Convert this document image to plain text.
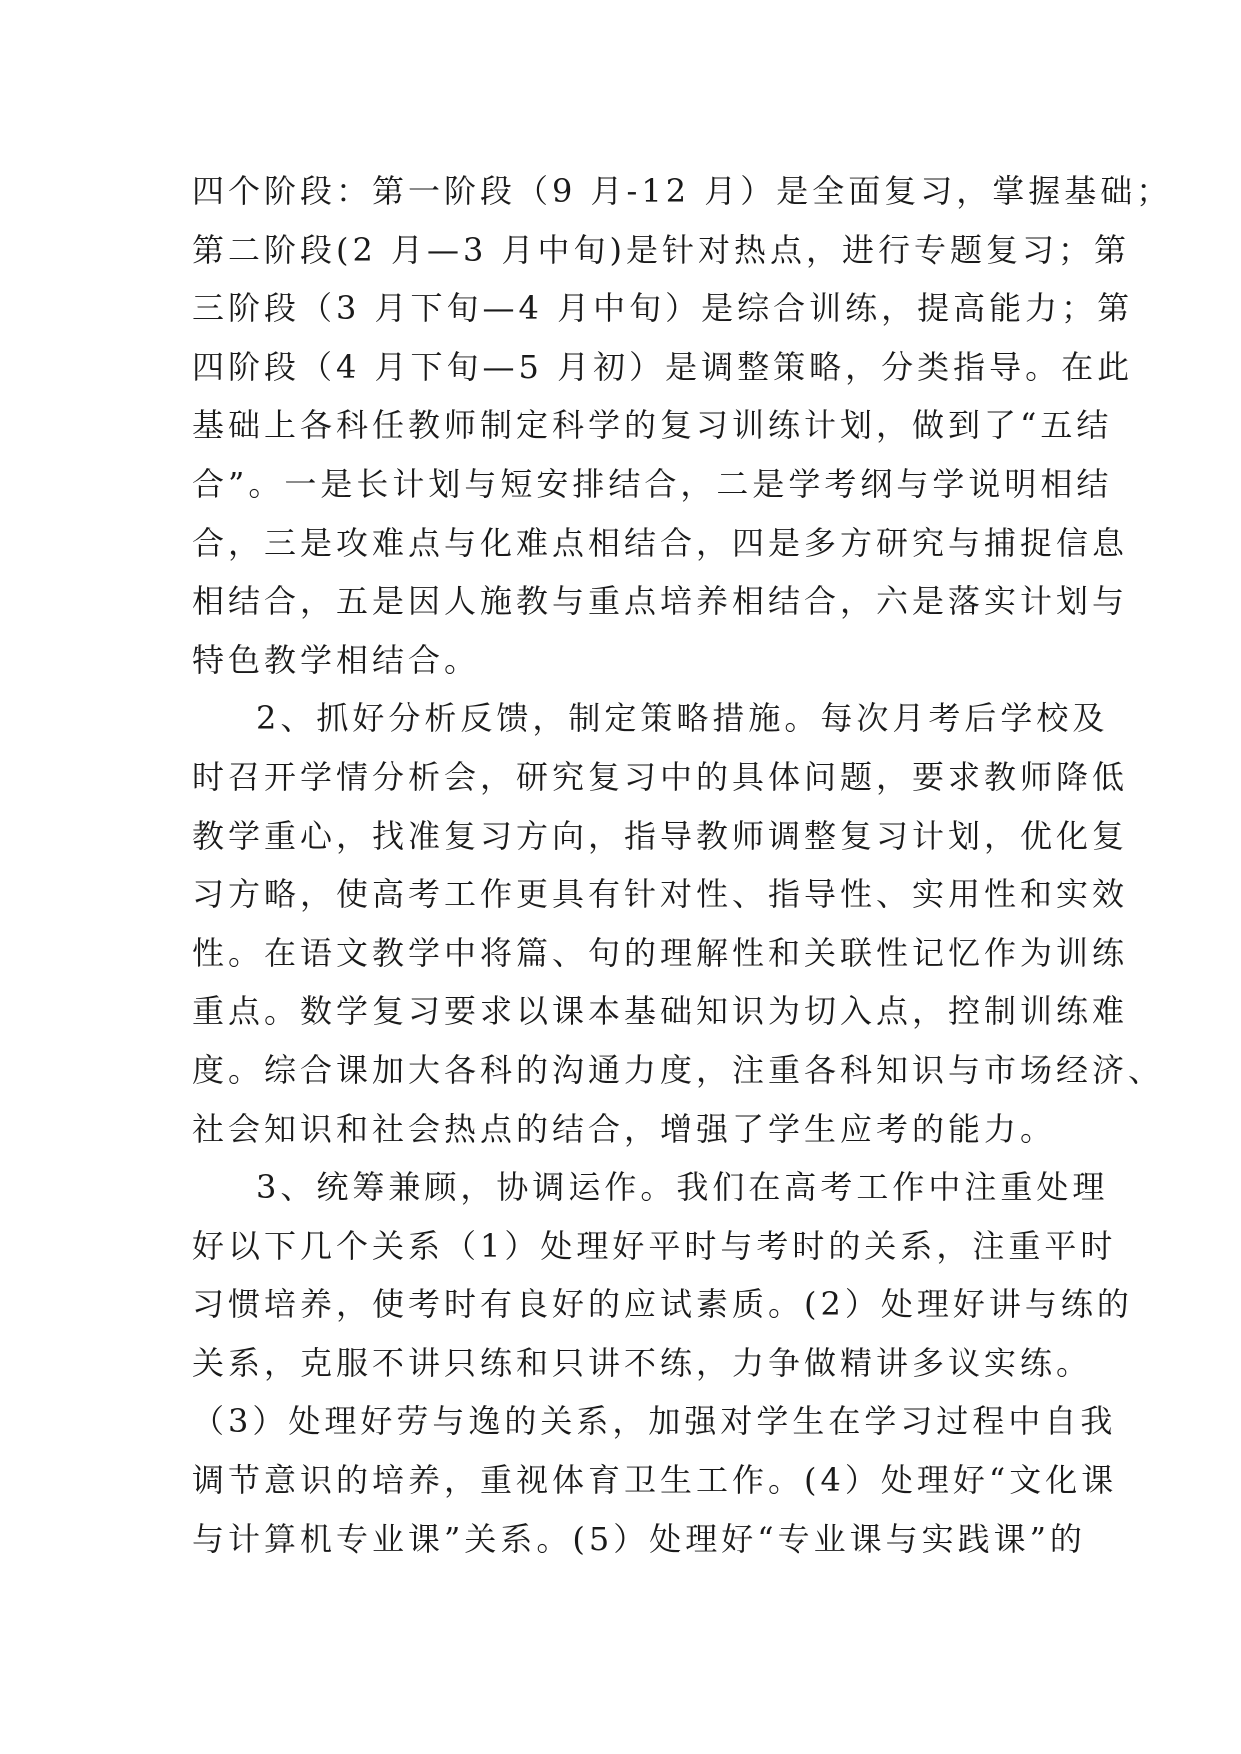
四个阶段：第一阶段（9 月-12 月）是全面复习，掌握基础；
第二阶段(2 月—3 月中旬)是针对热点，进行专题复习；第
三阶段（3 月下旬—4 月中旬）是综合训练，提高能力；第
四阶段（4 月下旬—5 月初）是调整策略，分类指导。在此
基础上各科任教师制定科学的复习训练计划，做到了“五结
合”。一是长计划与短安排结合，二是学考纲与学说明相结
合，三是攻难点与化难点相结合，四是多方研究与捕捉信息
相结合，五是因人施教与重点培养相结合，六是落实计划与
特色教学相结合。
2、抓好分析反馈，制定策略措施。每次月考后学校及
时召开学情分析会，研究复习中的具体问题，要求教师降低
教学重心，找准复习方向，指导教师调整复习计划，优化复
习方略，使高考工作更具有针对性、指导性、实用性和实效
性。在语文教学中将篇、句的理解性和关联性记忆作为训练
重点。数学复习要求以课本基础知识为切入点，控制训练难
度。综合课加大各科的沟通力度，注重各科知识与市场经济、
社会知识和社会热点的结合，增强了学生应考的能力。
3、统筹兼顾，协调运作。我们在高考工作中注重处理
好以下几个关系（1）处理好平时与考时的关系，注重平时
习惯培养，使考时有良好的应试素质。(2）处理好讲与练的
关系，克服不讲只练和只讲不练，力争做精讲多议实练。
（3）处理好劳与逸的关系，加强对学生在学习过程中自我
调节意识的培养，重视体育卫生工作。(4）处理好“文化课
与计算机专业课”关系。(5）处理好“专业课与实践课”的
